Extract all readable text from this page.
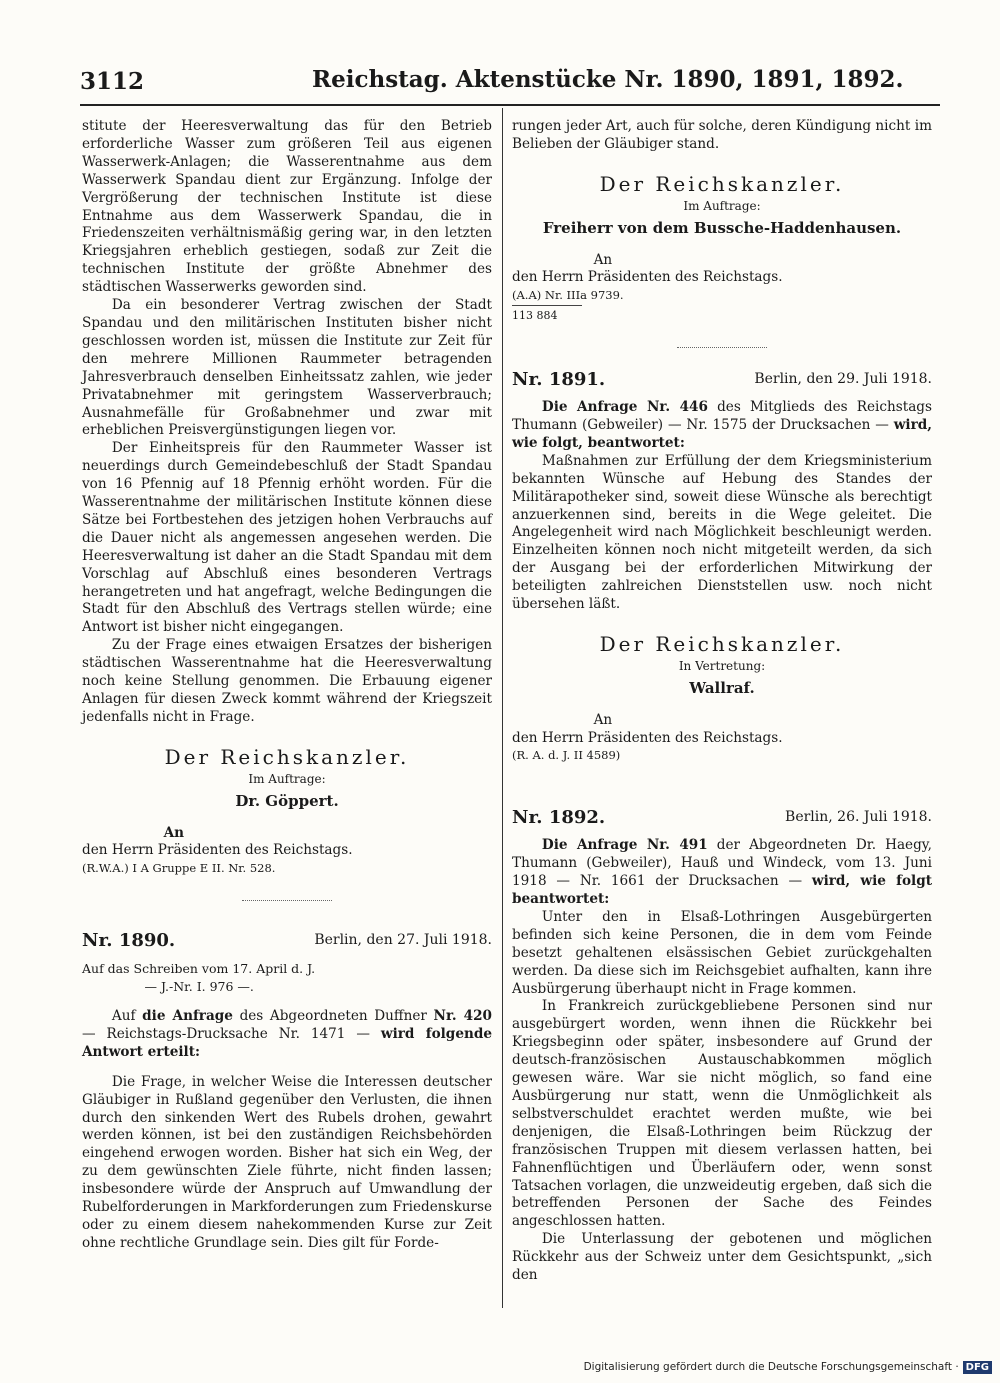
3112	Reichstag. Aktenstücke Nr. 1890, 1891, 1892.

stitute der Heeresverwaltung das für den Betrieb erforderliche Wasser zum größeren Teil aus eigenen Wasserwerk-Anlagen; die Wasserentnahme aus dem Wasserwerk Spandau dient zur Ergänzung. Infolge der Vergrößerung der technischen Institute ist diese Entnahme aus dem Wasserwerk Spandau, die in Friedenszeiten verhältnismäßig gering war, in den letzten Kriegsjahren erheblich gestiegen, sodaß zur Zeit die technischen Institute der größte Abnehmer des städtischen Wasserwerks geworden sind.

Da ein besonderer Vertrag zwischen der Stadt Spandau und den militärischen Instituten bisher nicht geschlossen worden ist, müssen die Institute zur Zeit für den mehrere Millionen Raummeter betragenden Jahresverbrauch denselben Einheitssatz zahlen, wie jeder Privatabnehmer mit geringstem Wasserverbrauch; Ausnahmefälle für Großabnehmer und zwar mit erheblichen Preisvergünstigungen liegen vor.

Der Einheitspreis für den Raummeter Wasser ist neuerdings durch Gemeindebeschluß der Stadt Spandau von 16 Pfennig auf 18 Pfennig erhöht worden. Für die Wasserentnahme der militärischen Institute können diese Sätze bei Fortbestehen des jetzigen hohen Verbrauchs auf die Dauer nicht als angemessen angesehen werden. Die Heeresverwaltung ist daher an die Stadt Spandau mit dem Vorschlag auf Abschluß eines besonderen Vertrags herangetreten und hat angefragt, welche Bedingungen die Stadt für den Abschluß des Vertrags stellen würde; eine Antwort ist bisher nicht eingegangen.

Zu der Frage eines etwaigen Ersatzes der bisherigen städtischen Wasserentnahme hat die Heeresverwaltung noch keine Stellung genommen. Die Erbauung eigener Anlagen für diesen Zweck kommt während der Kriegszeit jedenfalls nicht in Frage.

Der Reichskanzler.
Im Auftrage:
Dr. Göppert.

An

den Herrn Präsidenten des Reichstags.

(R.W.A.) I A Gruppe E II. Nr. 528.

Nr. 1890.	Berlin, den 27. Juli 1918.

Auf das Schreiben vom 17. April d. J.

— J.-Nr. I. 976 —.

Auf die Anfrage des Abgeordneten Duffner Nr. 420 — Reichstags-Drucksache Nr. 1471 — wird folgende Antwort erteilt:

Die Frage, in welcher Weise die Interessen deutscher Gläubiger in Rußland gegenüber den Verlusten, die ihnen durch den sinkenden Wert des Rubels drohen, gewahrt werden können, ist bei den zuständigen Reichsbehörden eingehend erwogen worden. Bisher hat sich ein Weg, der zu dem gewünschten Ziele führte, nicht finden lassen; insbesondere würde der Anspruch auf Umwandlung der Rubelforderungen in Markforderungen zum Friedenskurse oder zu einem diesem nahekommenden Kurse zur Zeit ohne rechtliche Grundlage sein. Dies gilt für Forde-

rungen jeder Art, auch für solche, deren Kündigung nicht im Belieben der Gläubiger stand.

Der Reichskanzler.
Im Auftrage:
Freiherr von dem Bussche-Haddenhausen.

An

den Herrn Präsidenten des Reichstags.

(A.A) Nr. IIIa 9739.

113 884

Nr. 1891.	Berlin, den 29. Juli 1918.

Die Anfrage Nr. 446 des Mitglieds des Reichstags Thumann (Gebweiler) — Nr. 1575 der Drucksachen — wird, wie folgt, beantwortet:

Maßnahmen zur Erfüllung der dem Kriegsministerium bekannten Wünsche auf Hebung des Standes der Militärapotheker sind, soweit diese Wünsche als berechtigt anzuerkennen sind, bereits in die Wege geleitet. Die Angelegenheit wird nach Möglichkeit beschleunigt werden. Einzelheiten können noch nicht mitgeteilt werden, da sich der Ausgang bei der erforderlichen Mitwirkung der beteiligten zahlreichen Dienststellen usw. noch nicht übersehen läßt.

Der Reichskanzler.
In Vertretung:
Wallraf.

An

den Herrn Präsidenten des Reichstags.

(R. A. d. J. II 4589)

Nr. 1892.	Berlin, 26. Juli 1918.

Die Anfrage Nr. 491 der Abgeordneten Dr. Haegy, Thumann (Gebweiler), Hauß und Windeck, vom 13. Juni 1918 — Nr. 1661 der Drucksachen — wird, wie folgt beantwortet:

Unter den in Elsaß-Lothringen Ausgebürgerten befinden sich keine Personen, die in dem vom Feinde besetzt gehaltenen elsässischen Gebiet zurückgehalten werden. Da diese sich im Reichsgebiet aufhalten, kann ihre Ausbürgerung überhaupt nicht in Frage kommen.

In Frankreich zurückgebliebene Personen sind nur ausgebürgert worden, wenn ihnen die Rückkehr bei Kriegsbeginn oder später, insbesondere auf Grund der deutsch-französischen Austauschabkommen möglich gewesen wäre. War sie nicht möglich, so fand eine Ausbürgerung nur statt, wenn die Unmöglichkeit als selbstverschuldet erachtet werden mußte, wie bei denjenigen, die Elsaß-Lothringen beim Rückzug der französischen Truppen mit diesem verlassen hatten, bei Fahnenflüchtigen und Überläufern oder, wenn sonst Tatsachen vorlagen, die unzweideutig ergeben, daß sich die betreffenden Personen der Sache des Feindes angeschlossen hatten.

Die Unterlassung der gebotenen und möglichen Rückkehr aus der Schweiz unter dem Gesichtspunkt, „sich den

Digitalisierung gefördert durch die Deutsche Forschungsgemeinschaft · DFG
